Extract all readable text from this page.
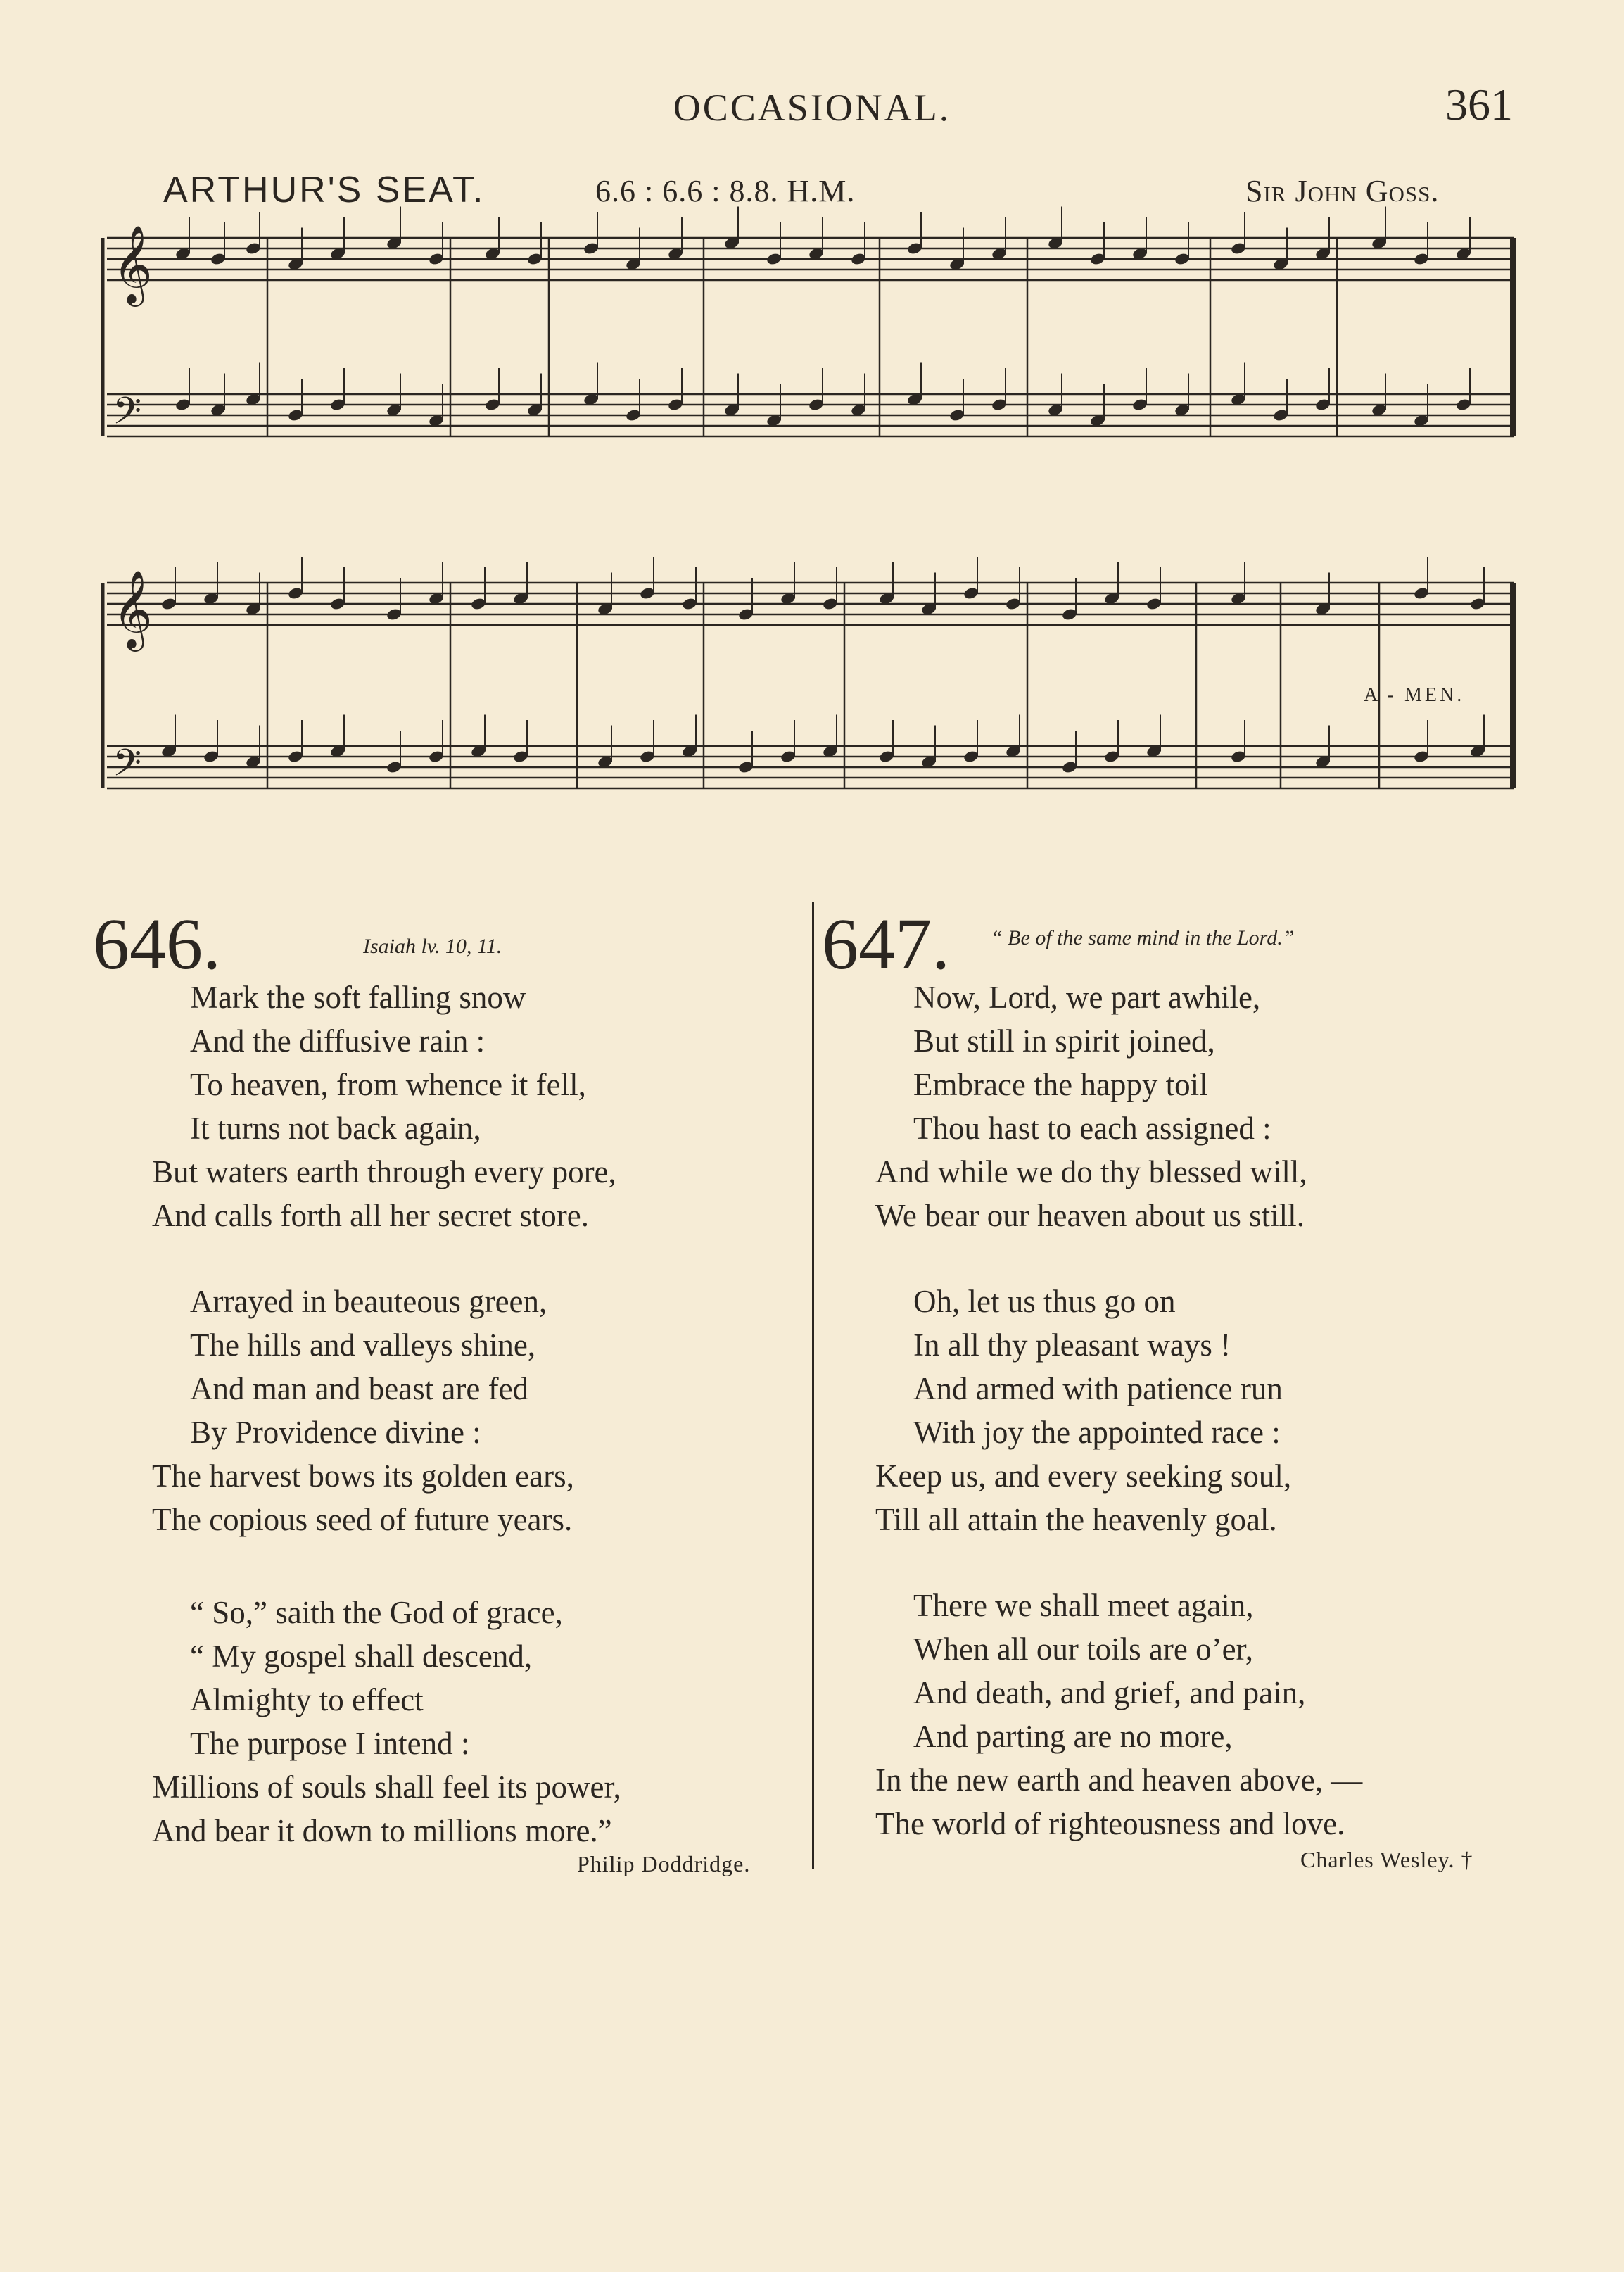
OCCASIONAL.	361
ARTHUR'S SEAT.	6.6 : 6.6 : 8.8. H.M.	Sir John Goss.
𝄞
𝄢
𝄞
𝄢
A - MEN.
646.	Isaiah lv. 10, 11.
Mark the soft falling snow
And the diffusive rain :
To heaven, from whence it fell,
It turns not back again,
But waters earth through every pore,
And calls forth all her secret store.
Arrayed in beauteous green,
The hills and valleys shine,
And man and beast are fed
By Providence divine :
The harvest bows its golden ears,
The copious seed of future years.
“ So,” saith the God of grace,
“ My gospel shall descend,
Almighty to effect
The purpose I intend :
Millions of souls shall feel its power,
And bear it down to millions more.”
Philip Doddridge.
647. “ Be of the same mind in the Lord.”
Now, Lord, we part awhile,
But still in spirit joined,
Embrace the happy toil
Thou hast to each assigned :
And while we do thy blessed will,
We bear our heaven about us still.
Oh, let us thus go on
In all thy pleasant ways !
And armed with patience run
With joy the appointed race :
Keep us, and every seeking soul,
Till all attain the heavenly goal.
There we shall meet again,
When all our toils are o’er,
And death, and grief, and pain,
And parting are no more,
In the new earth and heaven above, —
The world of righteousness and love.
Charles Wesley. †
